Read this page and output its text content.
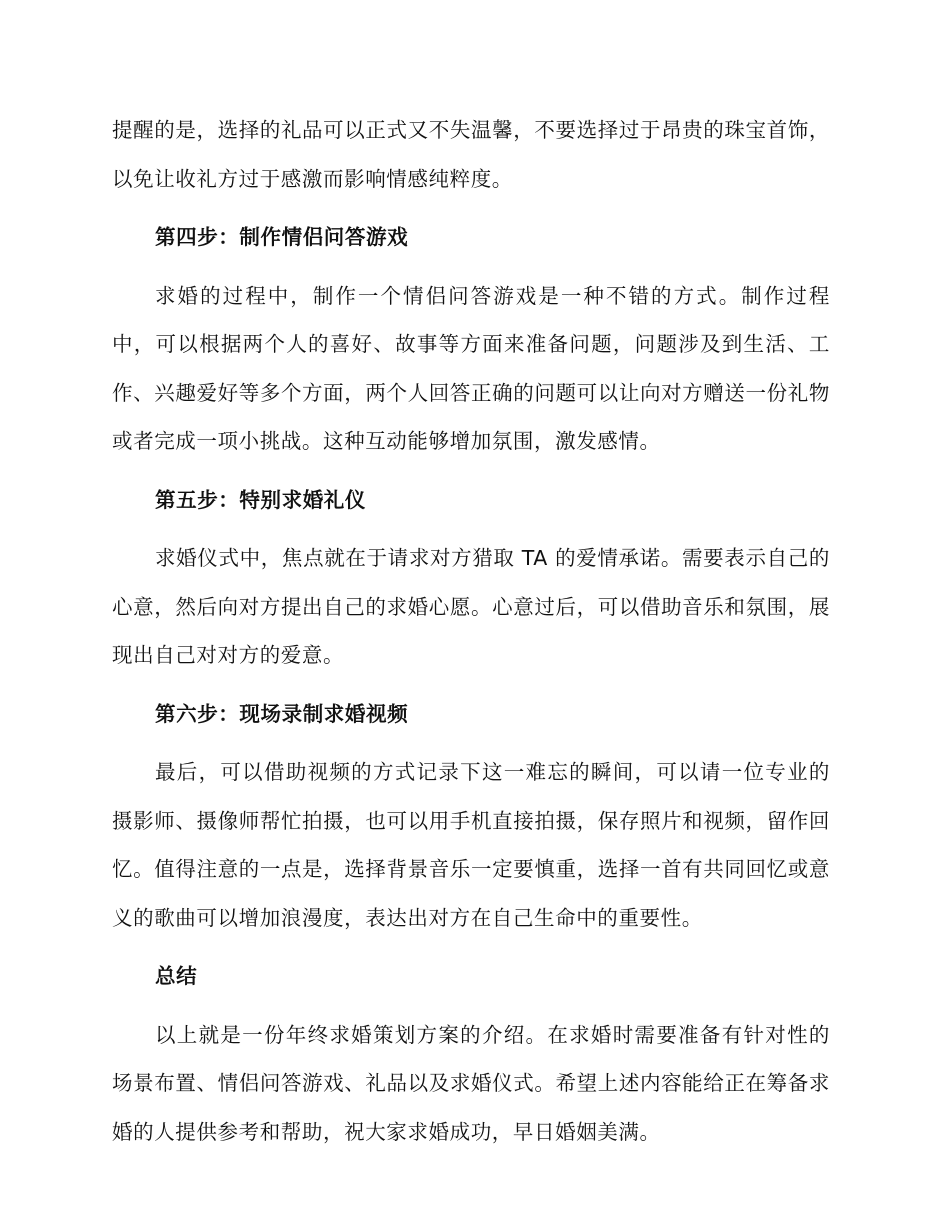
提醒的是，选择的礼品可以正式又不失温馨，不要选择过于昂贵的珠宝首饰，以免让收礼方过于感激而影响情感纯粹度。

第四步：制作情侣问答游戏

求婚的过程中，制作一个情侣问答游戏是一种不错的方式。制作过程中，可以根据两个人的喜好、故事等方面来准备问题，问题涉及到生活、工作、兴趣爱好等多个方面，两个人回答正确的问题可以让向对方赠送一份礼物或者完成一项小挑战。这种互动能够增加氛围，激发感情。

第五步：特别求婚礼仪

求婚仪式中，焦点就在于请求对方猎取 TA 的爱情承诺。需要表示自己的心意，然后向对方提出自己的求婚心愿。心意过后，可以借助音乐和氛围，展现出自己对对方的爱意。

第六步：现场录制求婚视频

最后，可以借助视频的方式记录下这一难忘的瞬间，可以请一位专业的摄影师、摄像师帮忙拍摄，也可以用手机直接拍摄，保存照片和视频，留作回忆。值得注意的一点是，选择背景音乐一定要慎重，选择一首有共同回忆或意义的歌曲可以增加浪漫度，表达出对方在自己生命中的重要性。

总结

以上就是一份年终求婚策划方案的介绍。在求婚时需要准备有针对性的场景布置、情侣问答游戏、礼品以及求婚仪式。希望上述内容能给正在筹备求婚的人提供参考和帮助，祝大家求婚成功，早日婚姻美满。
